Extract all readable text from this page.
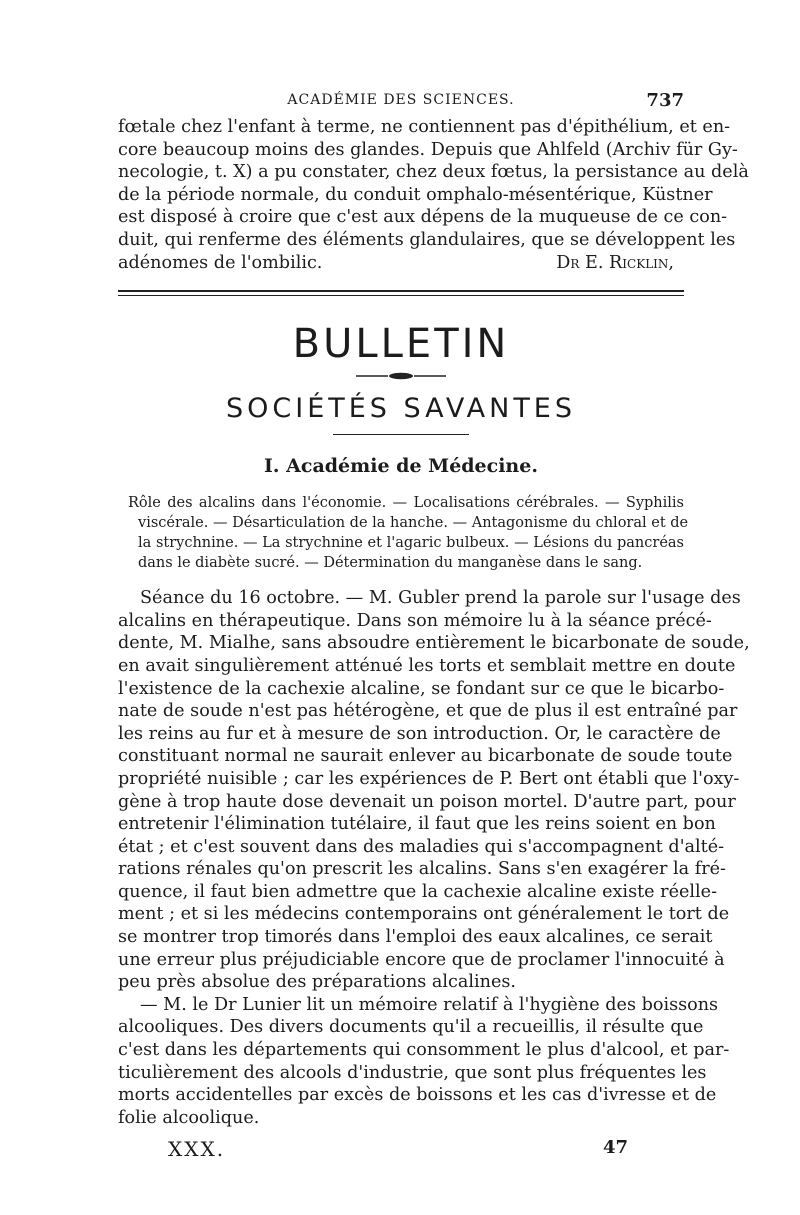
ACADÉMIE DES SCIENCES.	737

fœtale chez l'enfant à terme, ne contiennent pas d'épithélium, et en-
core beaucoup moins des glandes. Depuis que Ahlfeld (Archiv für Gy-
necologie, t. X) a pu constater, chez deux fœtus, la persistance au delà
de la période normale, du conduit omphalo-mésentérique, Küstner
est disposé à croire que c'est aux dépens de la muqueuse de ce con-
duit, qui renferme des éléments glandulaires, que se développent les

adénomes de l'ombilic.	Dr E. Ricklin,
BULLETIN
SOCIÉTÉS SAVANTES
I. Académie de Médecine.
Rôle des alcalins dans l'économie. — Localisations cérébrales. — Syphilis
viscérale. — Désarticulation de la hanche. — Antagonisme du chloral et de
la strychnine. — La strychnine et l'agaric bulbeux. — Lésions du pancréas
dans le diabète sucré. — Détermination du manganèse dans le sang.
Séance du 16 octobre. — M. Gubler prend la parole sur l'usage des
alcalins en thérapeutique. Dans son mémoire lu à la séance précé-
dente, M. Mialhe, sans absoudre entièrement le bicarbonate de soude,
en avait singulièrement atténué les torts et semblait mettre en doute
l'existence de la cachexie alcaline, se fondant sur ce que le bicarbo-
nate de soude n'est pas hétérogène, et que de plus il est entraîné par
les reins au fur et à mesure de son introduction. Or, le caractère de
constituant normal ne saurait enlever au bicarbonate de soude toute
propriété nuisible ; car les expériences de P. Bert ont établi que l'oxy-
gène à trop haute dose devenait un poison mortel. D'autre part, pour
entretenir l'élimination tutélaire, il faut que les reins soient en bon
état ; et c'est souvent dans des maladies qui s'accompagnent d'alté-
rations rénales qu'on prescrit les alcalins. Sans s'en exagérer la fré-
quence, il faut bien admettre que la cachexie alcaline existe réelle-
ment ; et si les médecins contemporains ont généralement le tort de
se montrer trop timorés dans l'emploi des eaux alcalines, ce serait
une erreur plus préjudiciable encore que de proclamer l'innocuité à
peu près absolue des préparations alcalines.
— M. le Dr Lunier lit un mémoire relatif à l'hygiène des boissons
alcooliques. Des divers documents qu'il a recueillis, il résulte que
c'est dans les départements qui consomment le plus d'alcool, et par-
ticulièrement des alcools d'industrie, que sont plus fréquentes les
morts accidentelles par excès de boissons et les cas d'ivresse et de
folie alcoolique.
XXX.	47
